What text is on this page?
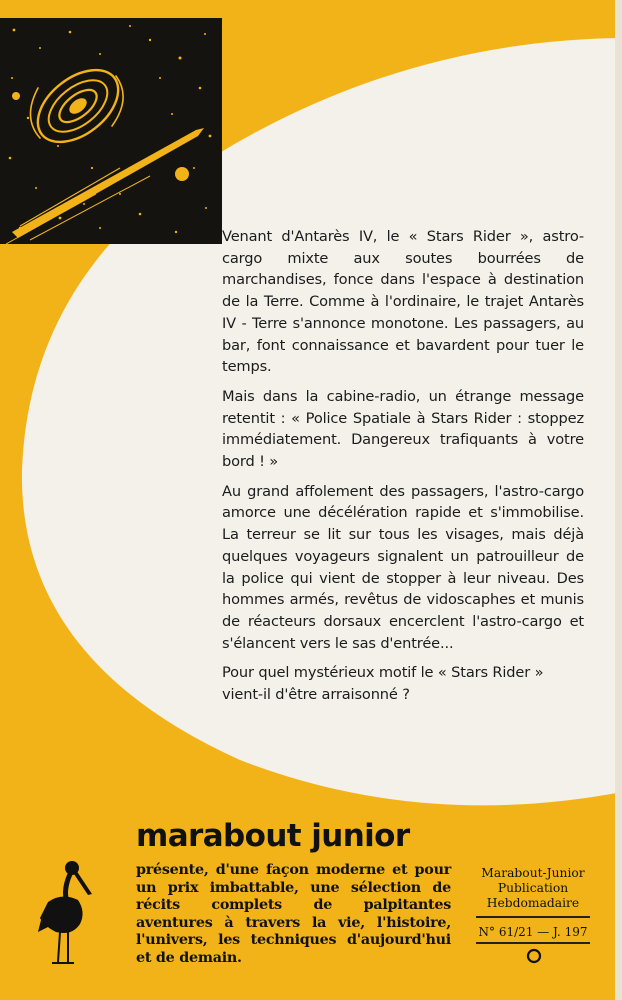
Venant d'Antarès IV, le « Stars Rider », astro-cargo mixte aux soutes bourrées de marchandises, fonce dans l'espace à destination de la Terre. Comme à l'ordinaire, le trajet Antarès IV - Terre s'annonce monotone. Les passagers, au bar, font connaissance et bavardent pour tuer le temps.

Mais dans la cabine-radio, un étrange message retentit : « Police Spatiale à Stars Rider : stoppez immédiatement. Dangereux trafiquants à votre bord ! »

Au grand affolement des passagers, l'astro-cargo amorce une décélération rapide et s'immobilise. La terreur se lit sur tous les visages, mais déjà quelques voyageurs signalent un patrouilleur de la police qui vient de stopper à leur niveau. Des hommes armés, revêtus de vidoscaphes et munis de réacteurs dorsaux encerclent l'astro-cargo et s'élancent vers le sas d'entrée...

Pour quel mystérieux motif le « Stars Rider » vient-il d'être arraisonné ?

marabout junior
présente, d'une façon moderne et pour un prix imbattable, une sélection de récits complets de palpitantes aventures à travers la vie, l'histoire, l'univers, les techniques d'aujourd'hui et de demain.
Marabout-Junior
Publication
Hebdomadaire
N° 61/21 — J. 197
